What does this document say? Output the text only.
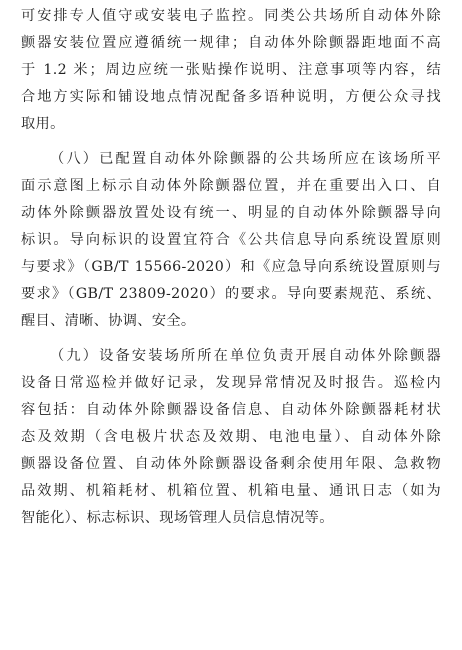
可安排专人值守或安装电子监控。同类公共场所自动体外除
颤器安装位置应遵循统一规律；自动体外除颤器距地面不高
于 1.2 米；周边应统一张贴操作说明、注意事项等内容，结
合地方实际和铺设地点情况配备多语种说明，方便公众寻找
取用。
（八）已配置自动体外除颤器的公共场所应在该场所平
面示意图上标示自动体外除颤器位置，并在重要出入口、自
动体外除颤器放置处设有统一、明显的自动体外除颤器导向
标识。导向标识的设置宜符合《公共信息导向系统设置原则
与要求》（GB/T 15566-2020）和《应急导向系统设置原则与
要求》（GB/T 23809-2020）的要求。导向要素规范、系统、
醒目、清晰、协调、安全。
（九）设备安装场所所在单位负责开展自动体外除颤器
设备日常巡检并做好记录，发现异常情况及时报告。巡检内
容包括：自动体外除颤器设备信息、自动体外除颤器耗材状
态及效期（含电极片状态及效期、电池电量）、自动体外除
颤器设备位置、自动体外除颤器设备剩余使用年限、急救物
品效期、机箱耗材、机箱位置、机箱电量、通讯日志（如为
智能化）、标志标识、现场管理人员信息情况等。
